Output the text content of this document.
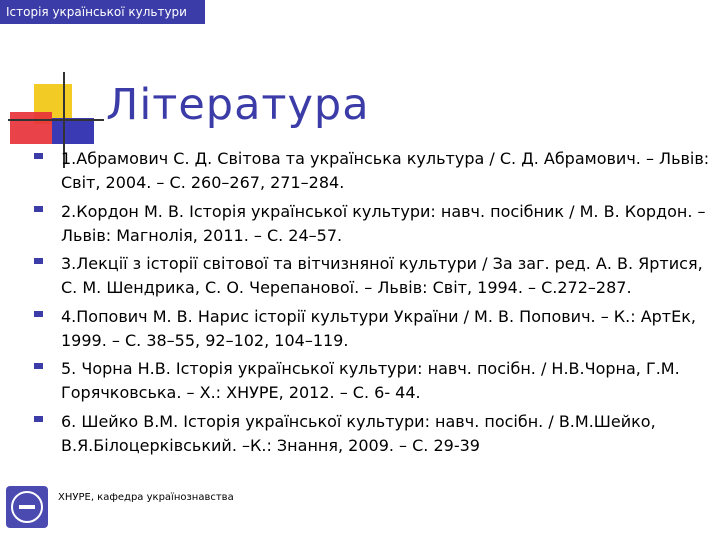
Історія української культури
Література
1.Абрамович С. Д. Світова та українська культура / С. Д. Абрамович. – Львів: Світ, 2004. – С. 260–267, 271–284.
2.Кордон М. В. Історія української культури: навч. посібник / М. В. Кордон. – Львів: Магнолія, 2011. – С. 24–57.
3.Лекції з історії світової та вітчизняної культури / За заг. ред. А. В. Яртися, С. М. Шендрика, С. О. Черепанової. – Львів: Світ, 1994. – С.272–287.
4.Попович М. В. Нарис історії культури України / М. В. Попович. – К.: АртЕк, 1999. – С. 38–55, 92–102, 104–119.
5. Чорна Н.В. Історія української культури: навч. посібн. / Н.В.Чорна, Г.М. Горячковська. – Х.: ХНУРЕ, 2012. – С. 6- 44.
6. Шейко В.М. Історія української культури: навч. посібн. / В.М.Шейко, В.Я.Білоцерківський. –К.: Знання, 2009. – С. 29-39
ХНУРЕ, кафедра українознавства
